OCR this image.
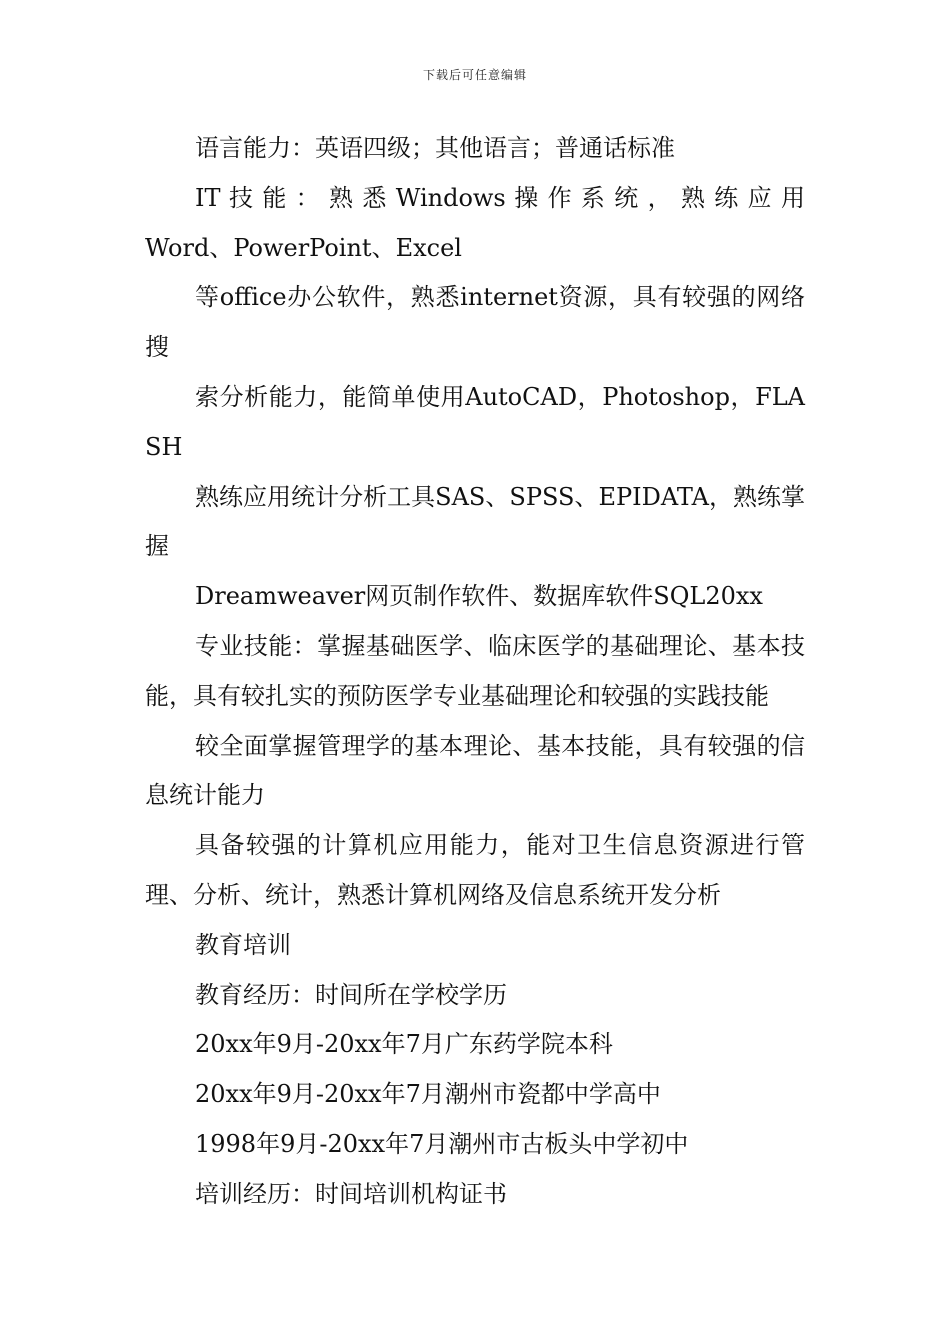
下载后可任意编辑

语言能力：英语四级；其他语言；普通话标准

IT 技 能 ： 熟 悉 Windows 操 作 系 统 ， 熟 练 应 用

Word、PowerPoint、Excel

等office办公软件，熟悉internet资源，具有较强的网络搜

索分析能力，能简单使用AutoCAD，Photoshop，FLASH

熟练应用统计分析工具SAS、SPSS、EPIDATA，熟练掌握

Dreamweaver网页制作软件、数据库软件SQL20xx

专业技能：掌握基础医学、临床医学的基础理论、基本技能，具有较扎实的预防医学专业基础理论和较强的实践技能

较全面掌握管理学的基本理论、基本技能，具有较强的信息统计能力

具备较强的计算机应用能力，能对卫生信息资源进行管理、分析、统计，熟悉计算机网络及信息系统开发分析

教育培训

教育经历：时间所在学校学历

20xx年9月-20xx年7月广东药学院本科

20xx年9月-20xx年7月潮州市瓷都中学高中

1998年9月-20xx年7月潮州市古板头中学初中

培训经历：时间培训机构证书
